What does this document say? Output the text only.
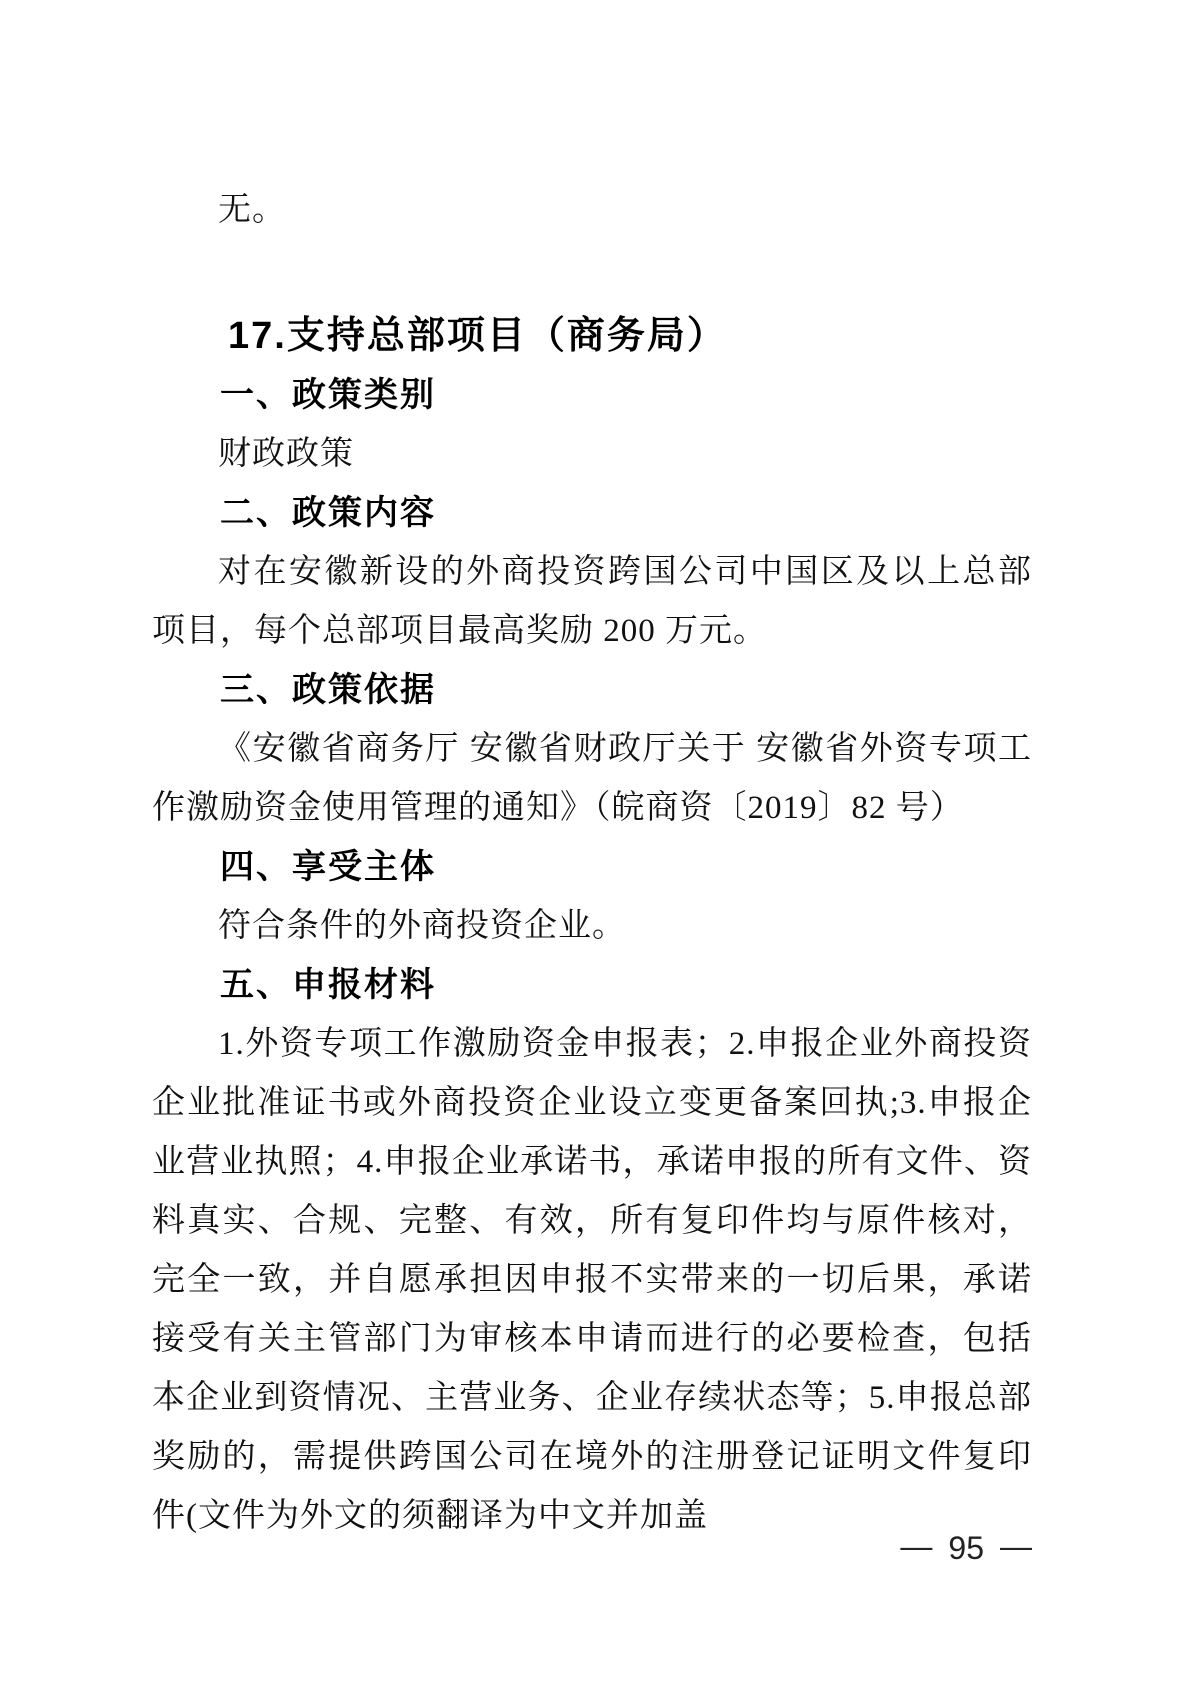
无。

17.支持总部项目（商务局）
一、政策类别

财政政策

二、政策内容

对在安徽新设的外商投资跨国公司中国区及以上总部项目，每个总部项目最高奖励 200 万元。

三、政策依据

《安徽省商务厅 安徽省财政厅关于 安徽省外资专项工作激励资金使用管理的通知》（皖商资〔2019〕82 号）

四、享受主体

符合条件的外商投资企业。

五、申报材料

1.外资专项工作激励资金申报表；2.申报企业外商投资企业批准证书或外商投资企业设立变更备案回执;3.申报企业营业执照；4.申报企业承诺书，承诺申报的所有文件、资料真实、合规、完整、有效，所有复印件均与原件核对，完全一致，并自愿承担因申报不实带来的一切后果，承诺接受有关主管部门为审核本申请而进行的必要检查，包括本企业到资情况、主营业务、企业存续状态等；5.申报总部奖励的，需提供跨国公司在境外的注册登记证明文件复印件(文件为外文的须翻译为中文并加盖

— 95 —
